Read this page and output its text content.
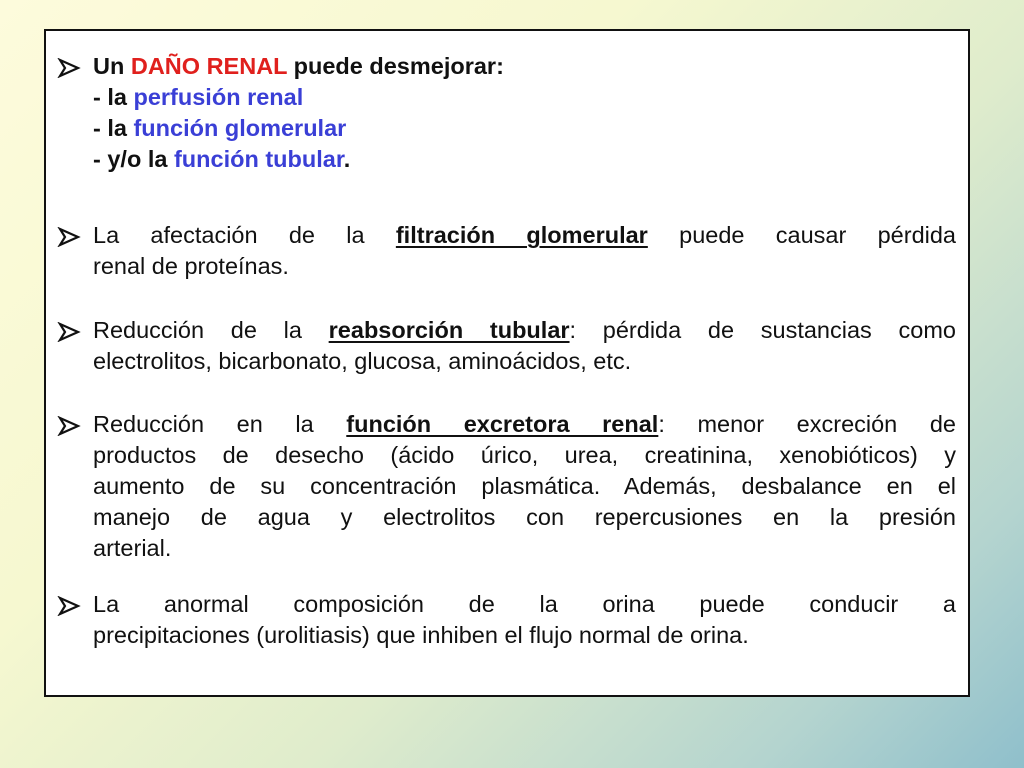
Un DAÑO RENAL puede desmejorar:
- la perfusión renal
- la función glomerular
- y/o la función tubular.
La afectación de la filtración glomerular puede causar pérdida
renal de proteínas.
Reducción de la reabsorción tubular: pérdida de sustancias como
electrolitos, bicarbonato, glucosa, aminoácidos, etc.
Reducción en la función excretora renal: menor excreción de
productos de desecho (ácido úrico, urea, creatinina, xenobióticos) y
aumento de su concentración plasmática. Además, desbalance en el
manejo de agua y electrolitos con repercusiones en la presión
arterial.
La anormal composición de la orina puede conducir a
precipitaciones (urolitiasis) que inhiben el flujo normal de orina.
